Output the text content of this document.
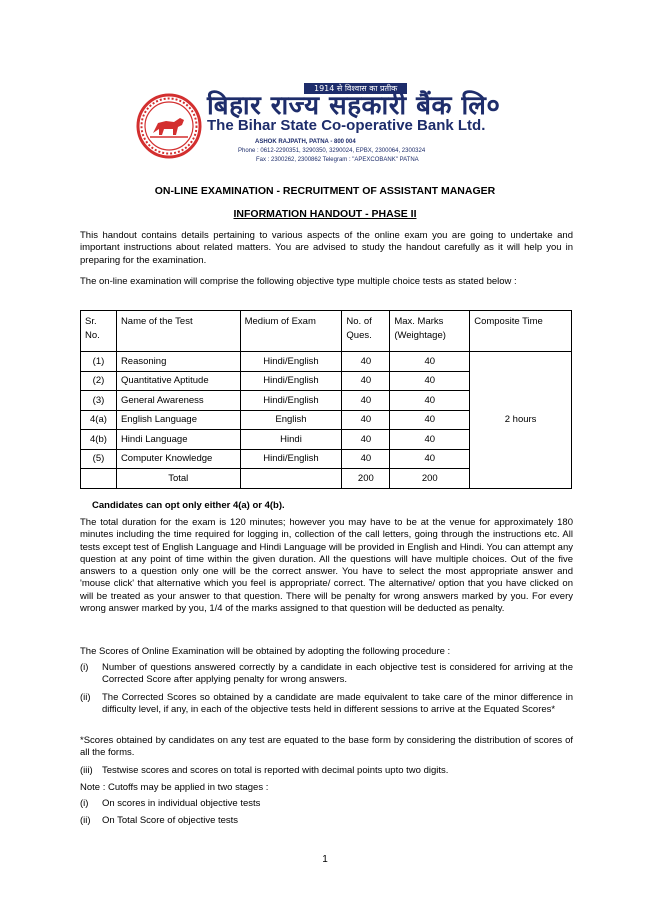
1914 से विश्वास का प्रतीक
बिहार राज्य सहकारी बैंक लि०
The Bihar State Co-operative Bank Ltd.
ASHOK RAJPATH, PATNA - 800 004
Phone : 0612-2290351, 3290350, 3290024, EPBX, 2300064, 2300324
Fax : 2300262, 2300862 Telegram : "APEXCOBANK" PATNA
ON-LINE EXAMINATION - RECRUITMENT OF ASSISTANT MANAGER
INFORMATION HANDOUT - PHASE II
This handout contains details pertaining to various aspects of the online exam you are going to undertake and important instructions about related matters. You are advised to study the handout carefully as it will help you in preparing for the examination.
The on-line examination will comprise the following objective type multiple choice tests as stated below :
Sr. No.	Name of the Test	Medium of Exam	No. of Ques.	Max. Marks (Weightage)	Composite Time
(1)	Reasoning	Hindi/English	40	40	2 hours
(2)	Quantitative Aptitude	Hindi/English	40	40	
(3)	General Awareness	Hindi/English	40	40	
4(a)	English Language	English	40	40	
4(b)	Hindi Language	Hindi	40	40	
(5)	Computer Knowledge	Hindi/English	40	40	
	Total		200	200	
Candidates can opt only either 4(a) or 4(b).
The total duration for the exam is 120 minutes; however you may have to be at the venue for approximately 180 minutes including the time required for logging in, collection of the call letters, going through the instructions etc. All tests except test of English Language and Hindi Language will be provided in English and Hindi. You can attempt any question at any point of time within the given duration. All the questions will have multiple choices. Out of the five answers to a question only one will be the correct answer. You have to select the most appropriate answer and 'mouse click' that alternative which you feel is appropriate/ correct. The alternative/ option that you have clicked on will be treated as your answer to that question. There will be penalty for wrong answers marked by you. For every wrong answer marked by you, 1/4 of the marks assigned to that question will be deducted as penalty.
The Scores of Online Examination will be obtained by adopting the following procedure :
(i) Number of questions answered correctly by a candidate in each objective test is considered for arriving at the Corrected Score after applying penalty for wrong answers.
(ii) The Corrected Scores so obtained by a candidate are made equivalent to take care of the minor difference in difficulty level, if any, in each of the objective tests held in different sessions to arrive at the Equated Scores*
*Scores obtained by candidates on any test are equated to the base form by considering the distribution of scores of all the forms.
(iii) Testwise scores and scores on total is reported with decimal points upto two digits.
Note : Cutoffs may be applied in two stages :
(i) On scores in individual objective tests
(ii) On Total Score of objective tests
1
